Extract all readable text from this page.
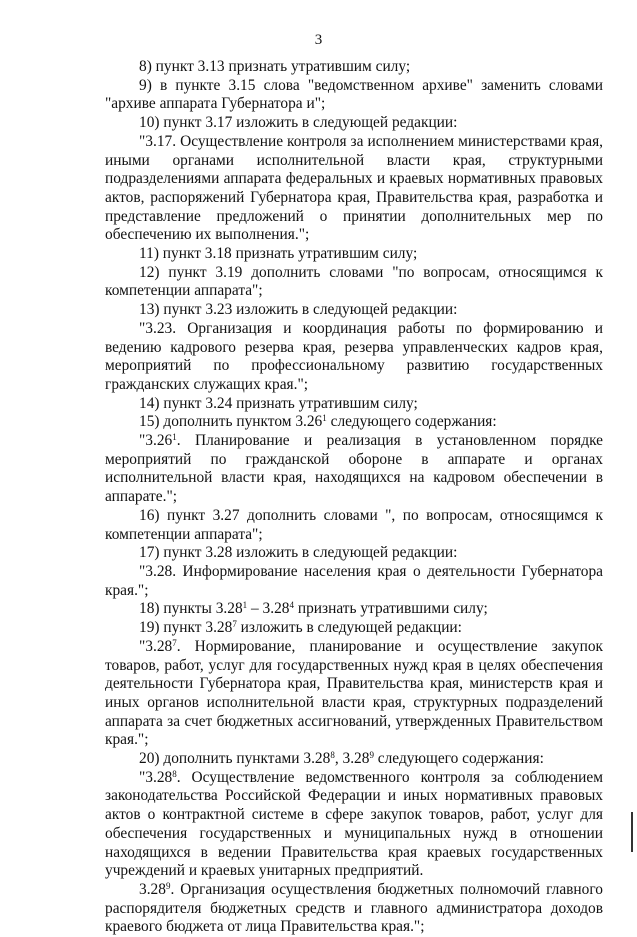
3

8) пункт 3.13 признать утратившим силу;

9) в пункте 3.15 слова "ведомственном архиве" заменить словами "архиве аппарата Губернатора и";

10) пункт 3.17 изложить в следующей редакции:

"3.17. Осуществление контроля за исполнением министерствами края, иными органами исполнительной власти края, структурными подразделениями аппарата федеральных и краевых нормативных правовых актов, распоряжений Губернатора края, Правительства края, разработка и представление предложений о принятии дополнительных мер по обеспечению их выполнения.";

11) пункт 3.18 признать утратившим силу;

12) пункт 3.19 дополнить словами "по вопросам, относящимся к компетенции аппарата";

13) пункт 3.23 изложить в следующей редакции:

"3.23. Организация и координация работы по формированию и ведению кадрового резерва края, резерва управленческих кадров края, мероприятий по профессиональному развитию государственных гражданских служащих края.";

14) пункт 3.24 признать утратившим силу;

15) дополнить пунктом 3.26$^1$ следующего содержания:

"3.26$^1$. Планирование и реализация в установленном порядке мероприятий по гражданской обороне в аппарате и органах исполнительной власти края, находящихся на кадровом обеспечении в аппарате.";

16) пункт 3.27 дополнить словами ", по вопросам, относящимся к компетенции аппарата";

17) пункт 3.28 изложить в следующей редакции:

"3.28. Информирование населения края о деятельности Губернатора края.";

18) пункты 3.28$^1$ – 3.28$^4$ признать утратившими силу;

19) пункт 3.28$^7$ изложить в следующей редакции:

"3.28$^7$. Нормирование, планирование и осуществление закупок товаров, работ, услуг для государственных нужд края в целях обеспечения деятельности Губернатора края, Правительства края, министерств края и иных органов исполнительной власти края, структурных подразделений аппарата за счет бюджетных ассигнований, утвержденных Правительством края.";

20) дополнить пунктами 3.28$^8$, 3.28$^9$ следующего содержания:

"3.28$^8$. Осуществление ведомственного контроля за соблюдением законодательства Российской Федерации и иных нормативных правовых актов о контрактной системе в сфере закупок товаров, работ, услуг для обеспечения государственных и муниципальных нужд в отношении находящихся в ведении Правительства края краевых государственных учреждений и краевых унитарных предприятий.

3.28$^9$. Организация осуществления бюджетных полномочий главного распорядителя бюджетных средств и главного администратора доходов краевого бюджета от лица Правительства края.";
